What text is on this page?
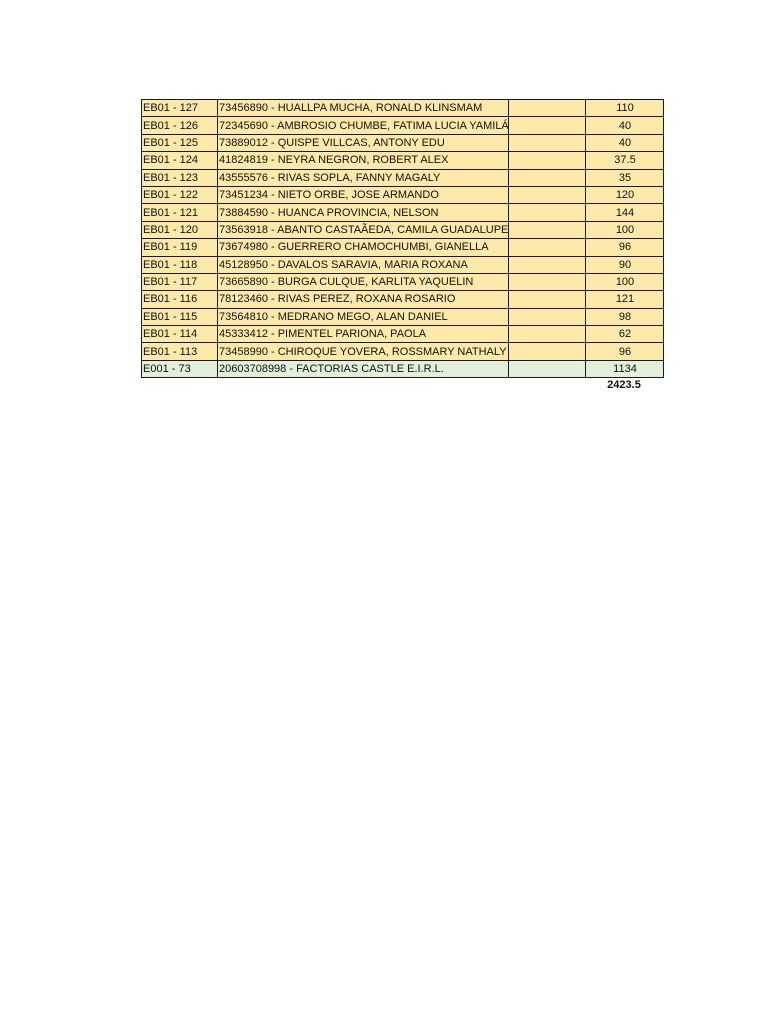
EB01 - 127	73456890 - HUALLPA MUCHA, RONALD KLINSMAM		110
EB01 - 126	72345690 - AMBROSIO CHUMBE, FATIMA LUCIA YAMILÁ		40
EB01 - 125	73889012 - QUISPE VILLCAS, ANTONY EDU		40
EB01 - 124	41824819 - NEYRA NEGRON, ROBERT ALEX		37.5
EB01 - 123	43555576 - RIVAS SOPLA, FANNY MAGALY		35
EB01 - 122	73451234 - NIETO ORBE, JOSE ARMANDO		120
EB01 - 121	73884590 - HUANCA PROVINCIA, NELSON		144
EB01 - 120	73563918 - ABANTO CASTAÃEDA, CAMILA GUADALUPE		100
EB01 - 119	73674980 - GUERRERO CHAMOCHUMBI, GIANELLA		96
EB01 - 118	45128950 - DAVALOS SARAVIA, MARIA ROXANA		90
EB01 - 117	73665890 - BURGA CULQUE, KARLITA YAQUELIN		100
EB01 - 116	78123460 - RIVAS PEREZ, ROXANA ROSARIO		121
EB01 - 115	73564810 - MEDRANO MEGO, ALAN DANIEL		98
EB01 - 114	45333412 - PIMENTEL PARIONA, PAOLA		62
EB01 - 113	73458990 - CHIROQUE YOVERA, ROSSMARY NATHALY		96
E001 - 73	20603708998 - FACTORIAS CASTLE E.I.R.L.		1134
2423.5
